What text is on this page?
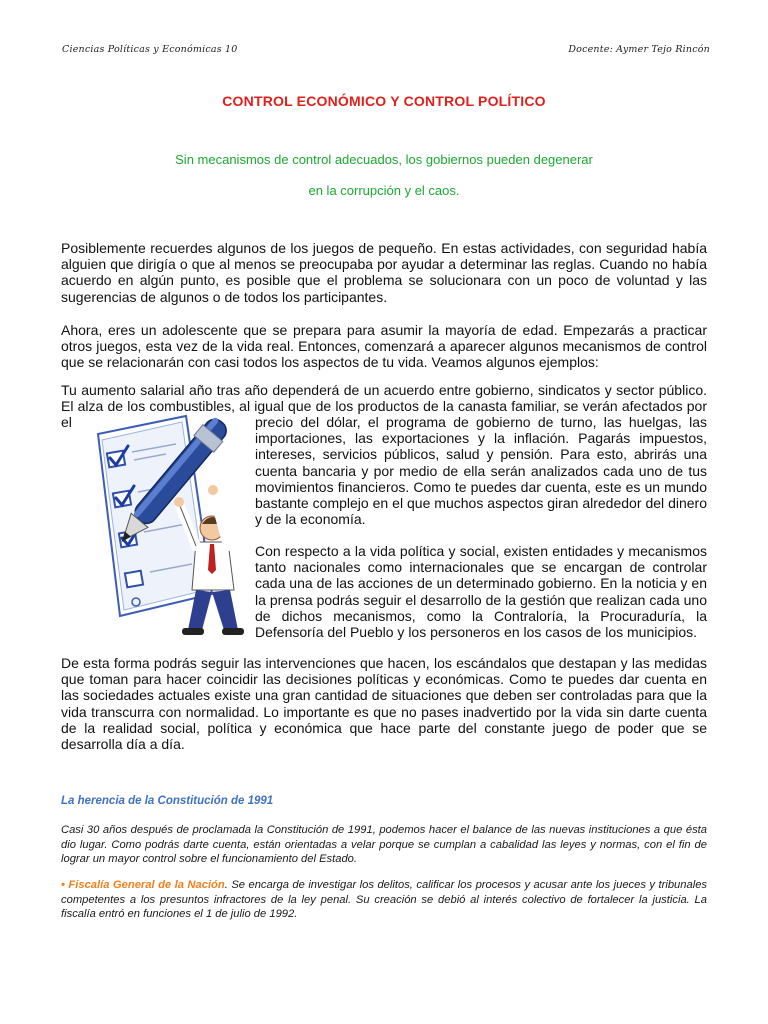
Ciencias Políticas y Económicas 10	Docente: Aymer Tejo Rincón
CONTROL ECONÓMICO Y CONTROL POLÍTICO
Sin mecanismos de control adecuados, los gobiernos pueden degenerar
en la corrupción y el caos.

Posiblemente recuerdes algunos de los juegos de pequeño. En estas actividades, con seguridad había alguien que dirigía o que al menos se preocupaba por ayudar a determinar las reglas. Cuando no había acuerdo en algún punto, es posible que el problema se solucionara con un poco de voluntad y las sugerencias de algunos o de todos los participantes.

Ahora, eres un adolescente que se prepara para asumir la mayoría de edad. Empezarás a practicar otros juegos, esta vez de la vida real. Entonces, comenzará a aparecer algunos mecanismos de control que se relacionarán con casi todos los aspectos de tu vida. Veamos algunos ejemplos:

Tu aumento salarial año tras año dependerá de un acuerdo entre gobierno, sindicatos y sector público. El alza de los combustibles, al igual que de los productos de la canasta familiar, se verán afectados por el	precio del dólar, el programa de gobierno de turno, las huelgas, las importaciones, las exportaciones y la inflación. Pagarás impuestos, intereses, servicios públicos, salud y pensión. Para esto, abrirás una cuenta bancaria y por medio de ella serán analizados cada uno de tus movimientos financieros. Como te puedes dar cuenta, este es un mundo bastante complejo en el que muchos aspectos giran alrededor del dinero y de la economía.

Con respecto a la vida política y social, existen entidades y mecanismos tanto nacionales como internacionales que se encargan de controlar cada una de las acciones de un determinado gobierno. En la noticia y en la prensa podrás seguir el desarrollo de la gestión que realizan cada uno de dichos mecanismos, como la Contraloría, la Procuraduría, la Defensoría del Pueblo y los personeros en los casos de los municipios.

De esta forma podrás seguir las intervenciones que hacen, los escándalos que destapan y las medidas que toman para hacer coincidir las decisiones políticas y económicas. Como te puedes dar cuenta en las sociedades actuales existe una gran cantidad de situaciones que deben ser controladas para que la vida transcurra con normalidad. Lo importante es que no pases inadvertido por la vida sin darte cuenta de la realidad social, política y económica que hace parte del constante juego de poder que se desarrolla día a día.

La herencia de la Constitución de 1991

Casi 30 años después de proclamada la Constitución de 1991, podemos hacer el balance de las nuevas instituciones a que ésta dio lugar. Como podrás darte cuenta, están orientadas a velar porque se cumplan a cabalidad las leyes y normas, con el fin de lograr un mayor control sobre el funcionamiento del Estado.

• Fiscalía General de la Nación. Se encarga de investigar los delitos, calificar los procesos y acusar ante los jueces y tribunales competentes a los presuntos infractores de la ley penal. Su creación se debió al interés colectivo de fortalecer la justicia. La fiscalía entró en funciones el 1 de julio de 1992.
